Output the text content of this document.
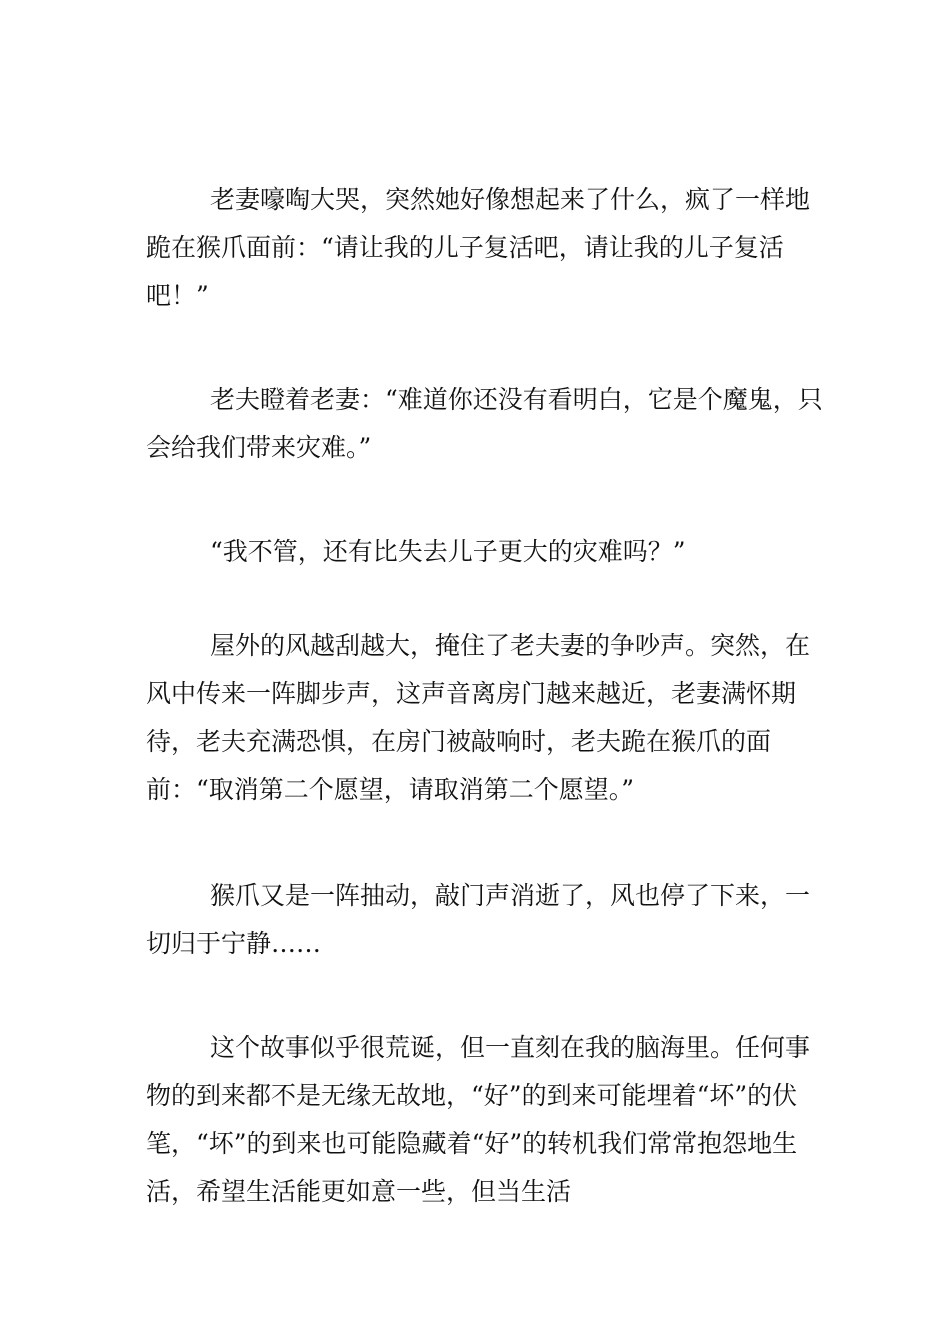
老妻嚎啕大哭，突然她好像想起来了什么，疯了一样地跪在猴爪面前：“请让我的儿子复活吧，请让我的儿子复活吧！”

老夫瞪着老妻：“难道你还没有看明白，它是个魔鬼，只会给我们带来灾难。”

“我不管，还有比失去儿子更大的灾难吗？”

屋外的风越刮越大，掩住了老夫妻的争吵声。突然，在风中传来一阵脚步声，这声音离房门越来越近，老妻满怀期待，老夫充满恐惧，在房门被敲响时，老夫跪在猴爪的面前：“取消第二个愿望，请取消第二个愿望。”

猴爪又是一阵抽动，敲门声消逝了，风也停了下来，一切归于宁静……

这个故事似乎很荒诞，但一直刻在我的脑海里。任何事物的到来都不是无缘无故地，“好”的到来可能埋着“坏”的伏笔，“坏”的到来也可能隐藏着“好”的转机我们常常抱怨地生活，希望生活能更如意一些，但当生活
